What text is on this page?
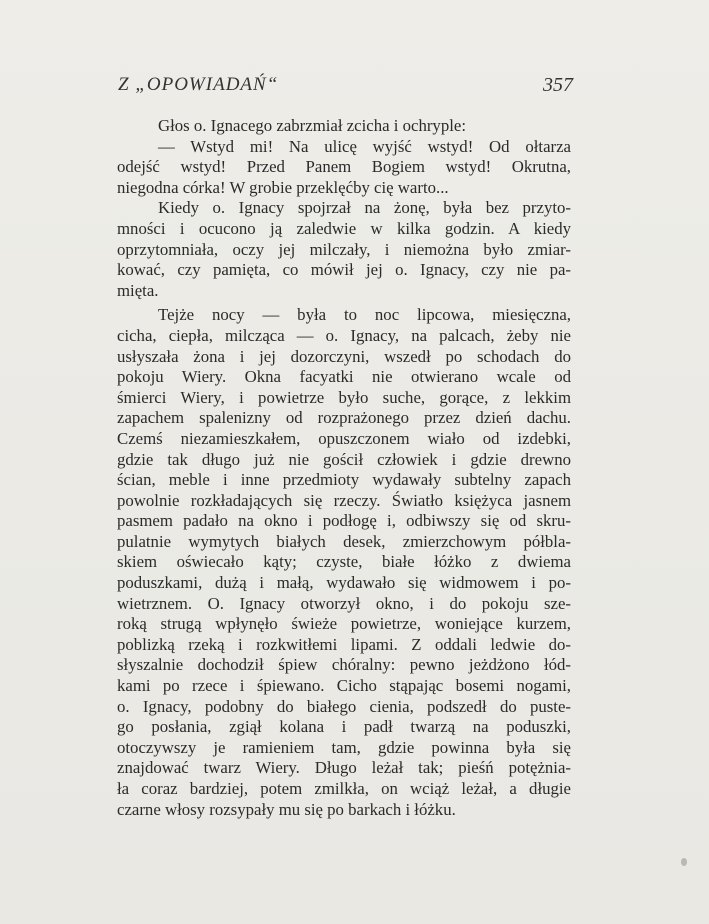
Z „OPOWIADAŃ“	357
Głos o. Ignacego zabrzmiał zcicha i ochryple:
— Wstyd mi! Na ulicę wyjść wstyd! Od ołtarza
odejść wstyd! Przed Panem Bogiem wstyd! Okrutna,
niegodna córka! W grobie przeklęćby cię warto...
Kiedy o. Ignacy spojrzał na żonę, była bez przyto-
mności i ocucono ją zaledwie w kilka godzin. A kiedy
oprzytomniała, oczy jej milczały, i niemożna było zmiar-
kować, czy pamięta, co mówił jej o. Ignacy, czy nie pa-
mięta.
Tejże nocy — była to noc lipcowa, miesięczna,
cicha, ciepła, milcząca — o. Ignacy, na palcach, żeby nie
usłyszała żona i jej dozorczyni, wszedł po schodach do
pokoju Wiery. Okna facyatki nie otwierano wcale od
śmierci Wiery, i powietrze było suche, gorące, z lekkim
zapachem spalenizny od rozprażonego przez dzień dachu.
Czemś niezamieszkałem, opuszczonem wiało od izdebki,
gdzie tak długo już nie gościł człowiek i gdzie drewno
ścian, meble i inne przedmioty wydawały subtelny zapach
powolnie rozkładających się rzeczy. Światło księżyca jasnem
pasmem padało na okno i podłogę i, odbiwszy się od skru-
pulatnie wymytych białych desek, zmierzchowym półbla-
skiem oświecało kąty; czyste, białe łóżko z dwiema
poduszkami, dużą i małą, wydawało się widmowem i po-
wietrznem. O. Ignacy otworzył okno, i do pokoju sze-
roką strugą wpłynęło świeże powietrze, woniejące kurzem,
poblizką rzeką i rozkwitłemi lipami. Z oddali ledwie do-
słyszalnie dochodził śpiew chóralny: pewno jeżdżono łód-
kami po rzece i śpiewano. Cicho stąpając bosemi nogami,
o. Ignacy, podobny do białego cienia, podszedł do puste-
go posłania, zgiął kolana i padł twarzą na poduszki,
otoczywszy je ramieniem tam, gdzie powinna była się
znajdować twarz Wiery. Długo leżał tak; pieśń potężnia-
ła coraz bardziej, potem zmilkła, on wciąż leżał, a długie
czarne włosy rozsypały mu się po barkach i łóżku.
